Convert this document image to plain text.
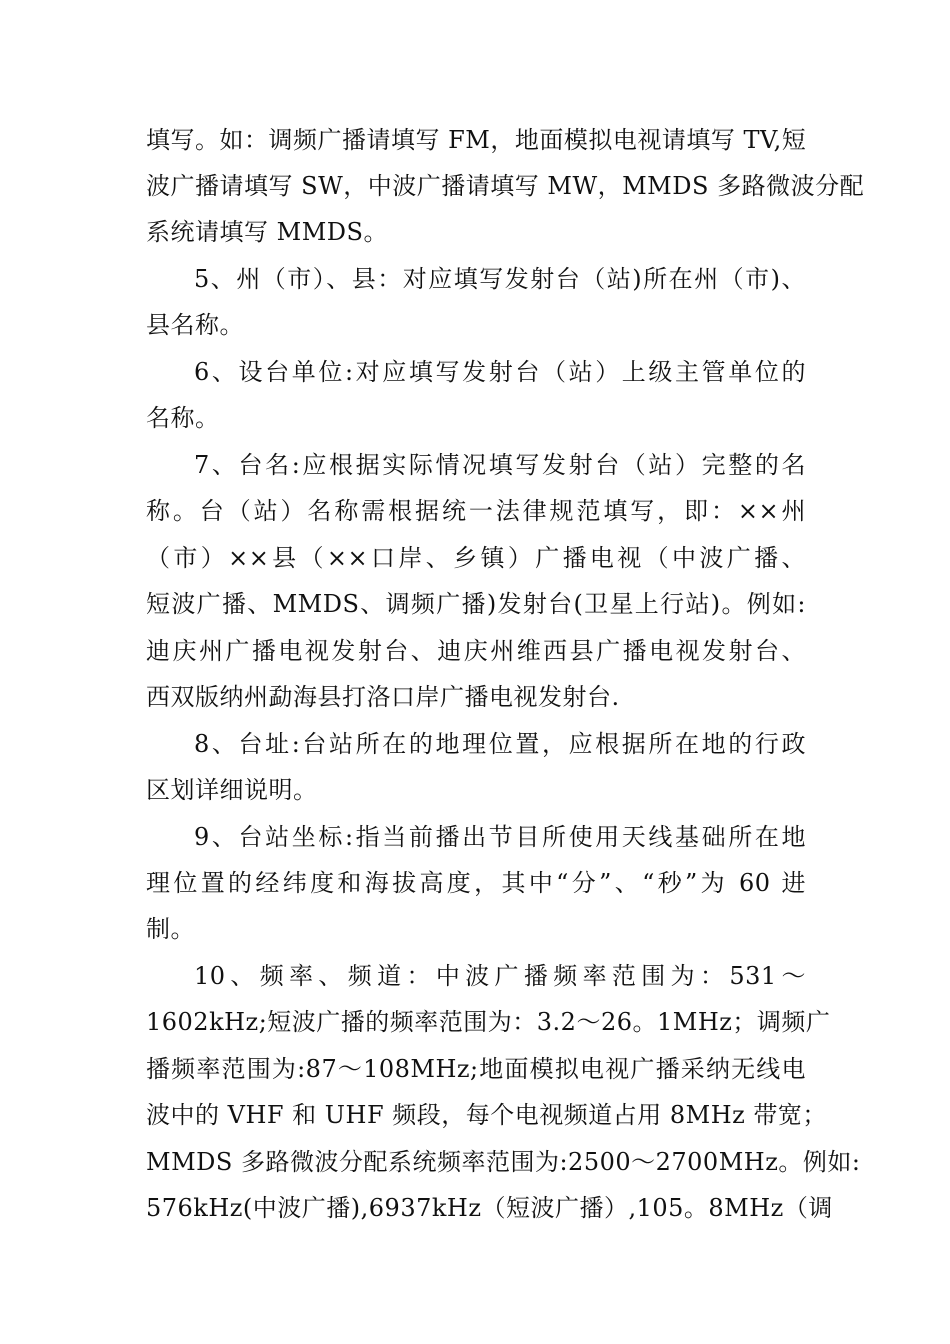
填写。如：调频广播请填写 FM，地面模拟电视请填写 TV,短
波广播请填写 SW，中波广播请填写 MW，MMDS 多路微波分配
系统请填写 MMDS。
5、州（市）、县：对应填写发射台（站)所在州（市)、
县名称。
6、设台单位:对应填写发射台（站）上级主管单位的
名称。
7、台名:应根据实际情况填写发射台（站）完整的名
称。台（站）名称需根据统一法律规范填写，即：××州
（市）××县（××口岸、乡镇）广播电视（中波广播、
短波广播、MMDS、调频广播)发射台(卫星上行站)。例如:
迪庆州广播电视发射台、迪庆州维西县广播电视发射台、
西双版纳州勐海县打洛口岸广播电视发射台.
8、台址:台站所在的地理位置，应根据所在地的行政
区划详细说明。
9、台站坐标:指当前播出节目所使用天线基础所在地
理位置的经纬度和海拔高度，其中“分”、“秒”为 60 进
制。
10、频率、频道：中波广播频率范围为：531～
1602kHz;短波广播的频率范围为：3.2～26。1MHz；调频广
播频率范围为:87～108MHz;地面模拟电视广播采纳无线电
波中的 VHF 和 UHF 频段，每个电视频道占用 8MHz 带宽；
MMDS 多路微波分配系统频率范围为:2500～2700MHz。例如:
576kHz(中波广播),6937kHz（短波广播）,105。8MHz（调
